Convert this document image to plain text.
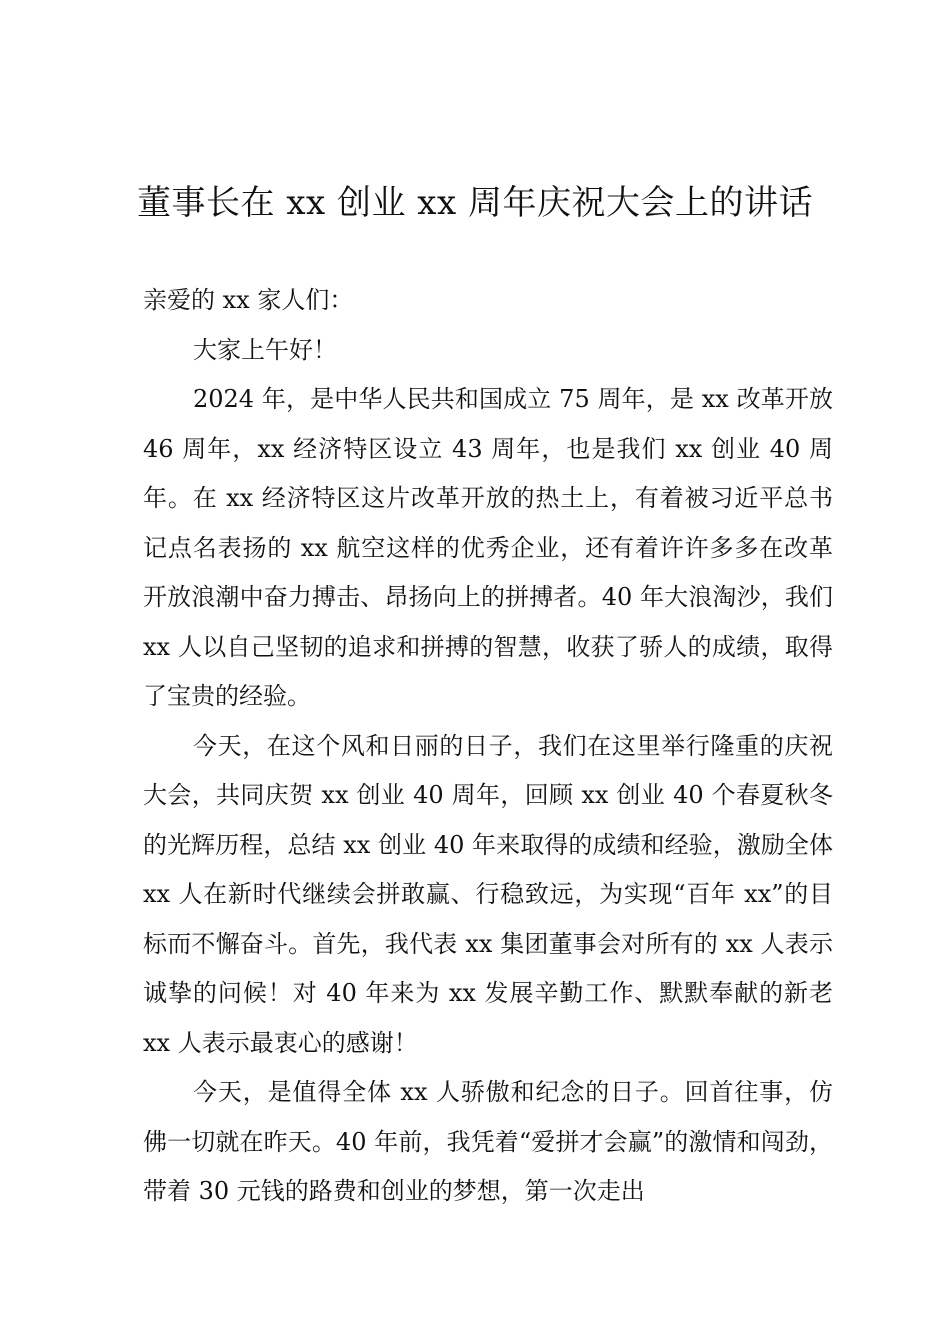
董事长在 xx 创业 xx 周年庆祝大会上的讲话

亲爱的 xx 家人们：

大家上午好！

2024 年，是中华人民共和国成立 75 周年，是 xx 改革开放 46 周年，xx 经济特区设立 43 周年，也是我们 xx 创业 40 周年。在 xx 经济特区这片改革开放的热土上，有着被习近平总书记点名表扬的 xx 航空这样的优秀企业，还有着许许多多在改革开放浪潮中奋力搏击、昂扬向上的拼搏者。40 年大浪淘沙，我们 xx 人以自己坚韧的追求和拼搏的智慧，收获了骄人的成绩，取得了宝贵的经验。

今天，在这个风和日丽的日子，我们在这里举行隆重的庆祝大会，共同庆贺 xx 创业 40 周年，回顾 xx 创业 40 个春夏秋冬的光辉历程，总结 xx 创业 40 年来取得的成绩和经验，激励全体 xx 人在新时代继续会拼敢赢、行稳致远，为实现“百年 xx”的目标而不懈奋斗。首先，我代表 xx 集团董事会对所有的 xx 人表示诚挚的问候！对 40 年来为 xx 发展辛勤工作、默默奉献的新老 xx 人表示最衷心的感谢！

今天，是值得全体 xx 人骄傲和纪念的日子。回首往事，仿佛一切就在昨天。40 年前，我凭着“爱拼才会赢”的激情和闯劲，带着 30 元钱的路费和创业的梦想，第一次走出
